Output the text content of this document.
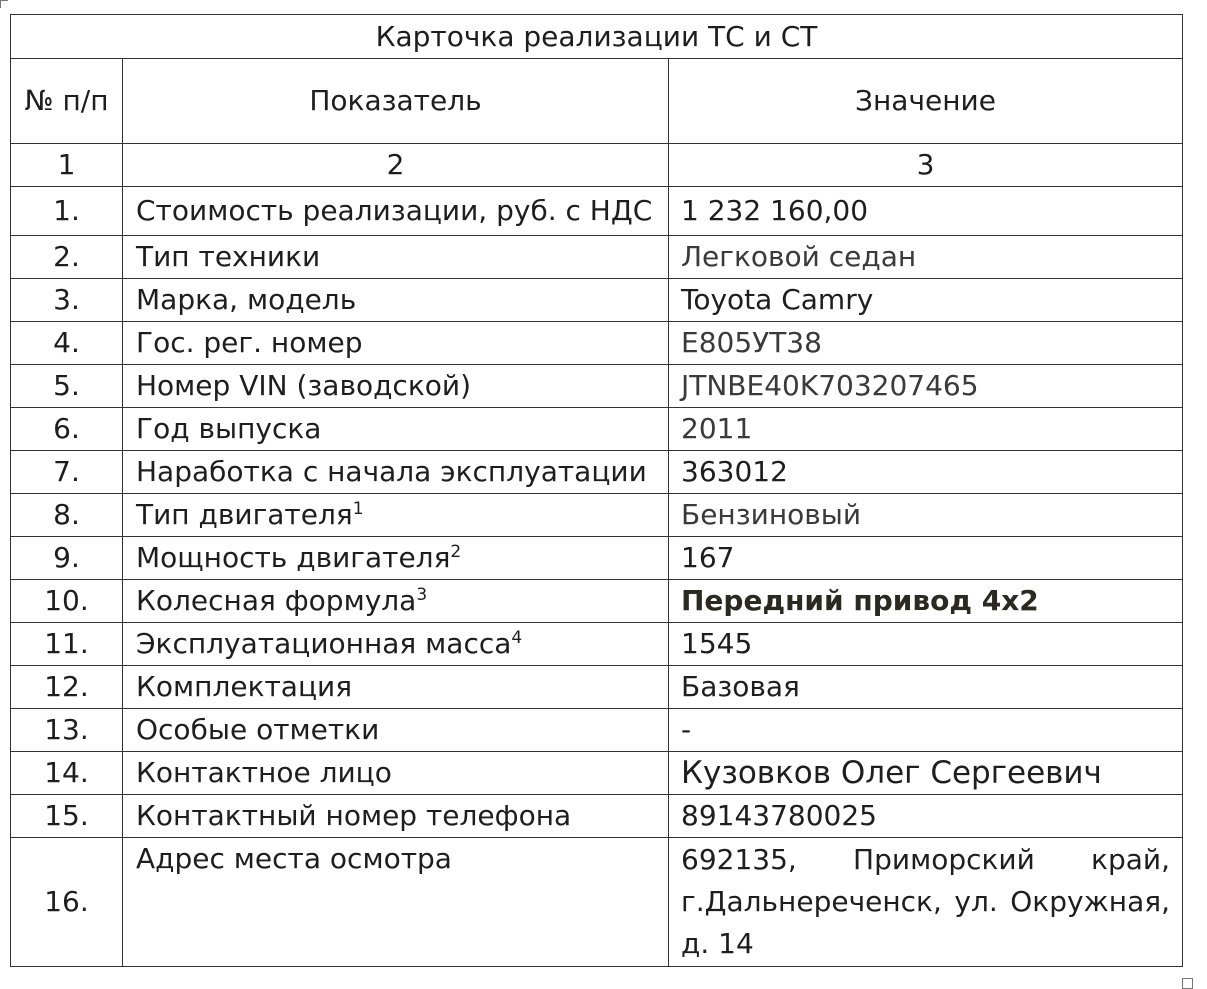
Карточка реализации ТС и СТ		
№ п/п	Показатель	Значение
1	2	3
1.	Стоимость реализации, руб. с НДС	1 232 160,00
2.	Тип техники	Легковой седан
3.	Марка, модель	Toyota Camry
4.	Гос. рег. номер	Е805УТ38
5.	Номер VIN (заводской)	JTNBE40K703207465
6.	Год выпуска	2011
7.	Наработка с начала эксплуатации	363012
8.	Тип двигателя$^1$	Бензиновый
9.	Мощность двигателя$^2$	167
10.	Колесная формула$^3$	Передний привод 4х2
11.	Эксплуатационная масса$^4$	1545
12.	Комплектация	Базовая
13.	Особые отметки	-
14.	Контактное лицо	Кузовков Олег Сергеевич
15.	Контактный номер телефона	89143780025
16.	Адрес места осмотра	692135, Приморский край, г.Дальнереченск, ул. Окружная, д. 14
